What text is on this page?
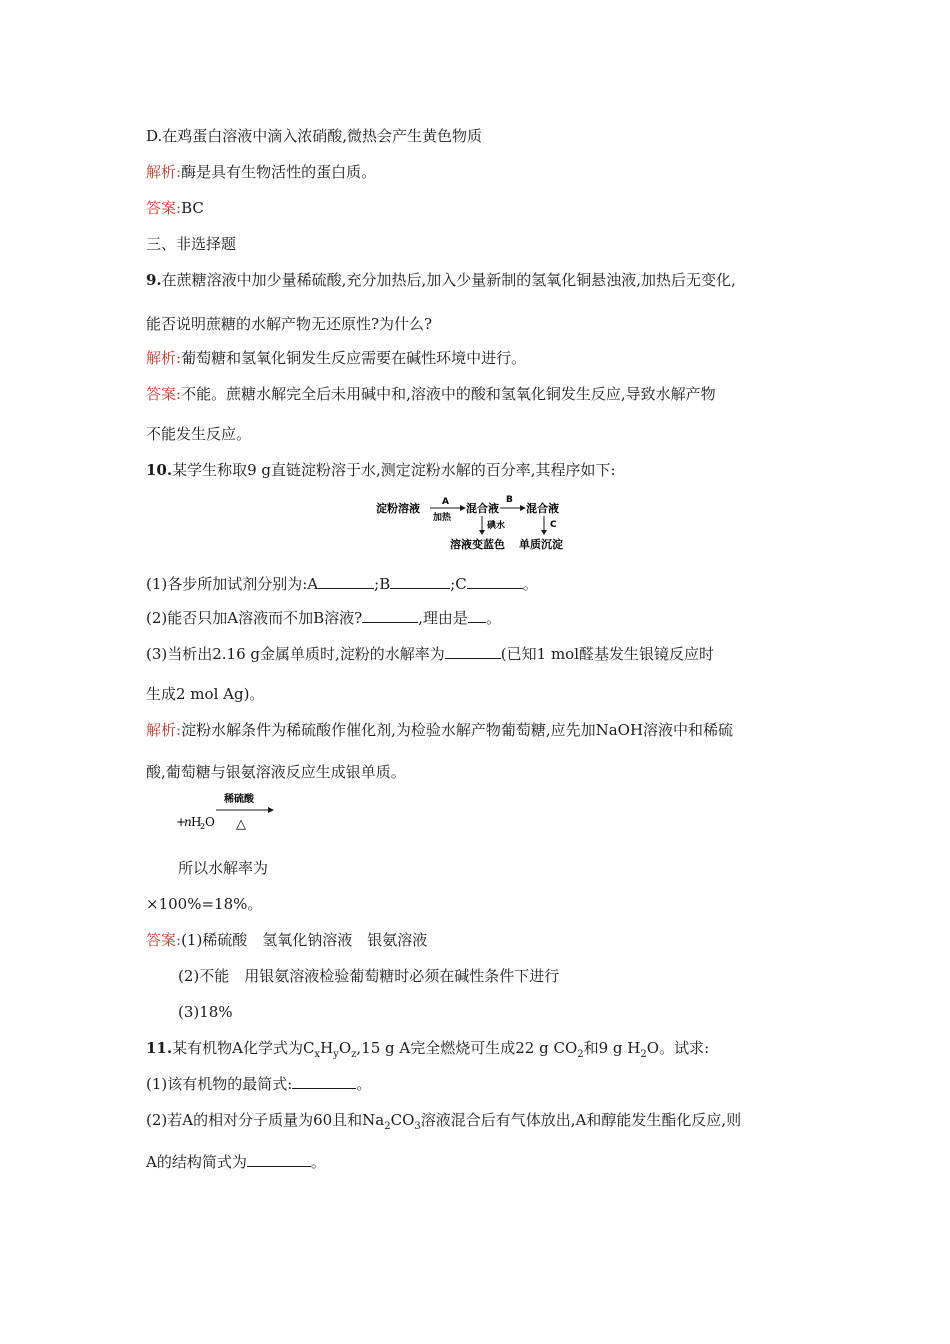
D.在鸡蛋白溶液中滴入浓硝酸,微热会产生黄色物质
解析:酶是具有生物活性的蛋白质。
答案:BC
三、非选择题
9.在蔗糖溶液中加少量稀硫酸,充分加热后,加入少量新制的氢氧化铜悬浊液,加热后无变化,
能否说明蔗糖的水解产物无还原性?为什么?
解析:葡萄糖和氢氧化铜发生反应需要在碱性环境中进行。
答案:不能。蔗糖水解完全后未用碱中和,溶液中的酸和氢氧化铜发生反应,导致水解产物
不能发生反应。
10.某学生称取9 g直链淀粉溶于水,测定淀粉水解的百分率,其程序如下:
淀粉溶液 A
加热
混合液
B
混合液
碘水	C
溶液变蓝色 单质沉淀
(1)各步所加试剂分别为:A	;B	;C	。
(2)能否只加A溶液而不加B溶液?	,理由是 。
(3)当析出2.16 g金属单质时,淀粉的水解率为	(已知1 mol醛基发生银镜反应时
生成2 mol Ag)。
解析:淀粉水解条件为稀硫酸作催化剂,为检验水解产物葡萄糖,应先加NaOH溶液中和稀硫
酸,葡萄糖与银氨溶液反应生成银单质。
稀硫酸
+
n H
2 O △
所以水解率为
×100%=18%。
答案:(1)稀硫酸　氢氧化钠溶液　银氨溶液
(2)不能　用银氨溶液检验葡萄糖时必须在碱性条件下进行
(3)18%
11.某有机物A化学式为$C_xH_yO_z,15$ g A完全燃烧可生成22 g $CO_2$和9 g $H_2O$。试求:
(1)该有机物的最简式:	。
(2)若A的相对分子质量为60且和$Na_2CO_3$溶液混合后有气体放出,A和醇能发生酯化反应,则
A的结构简式为	。
